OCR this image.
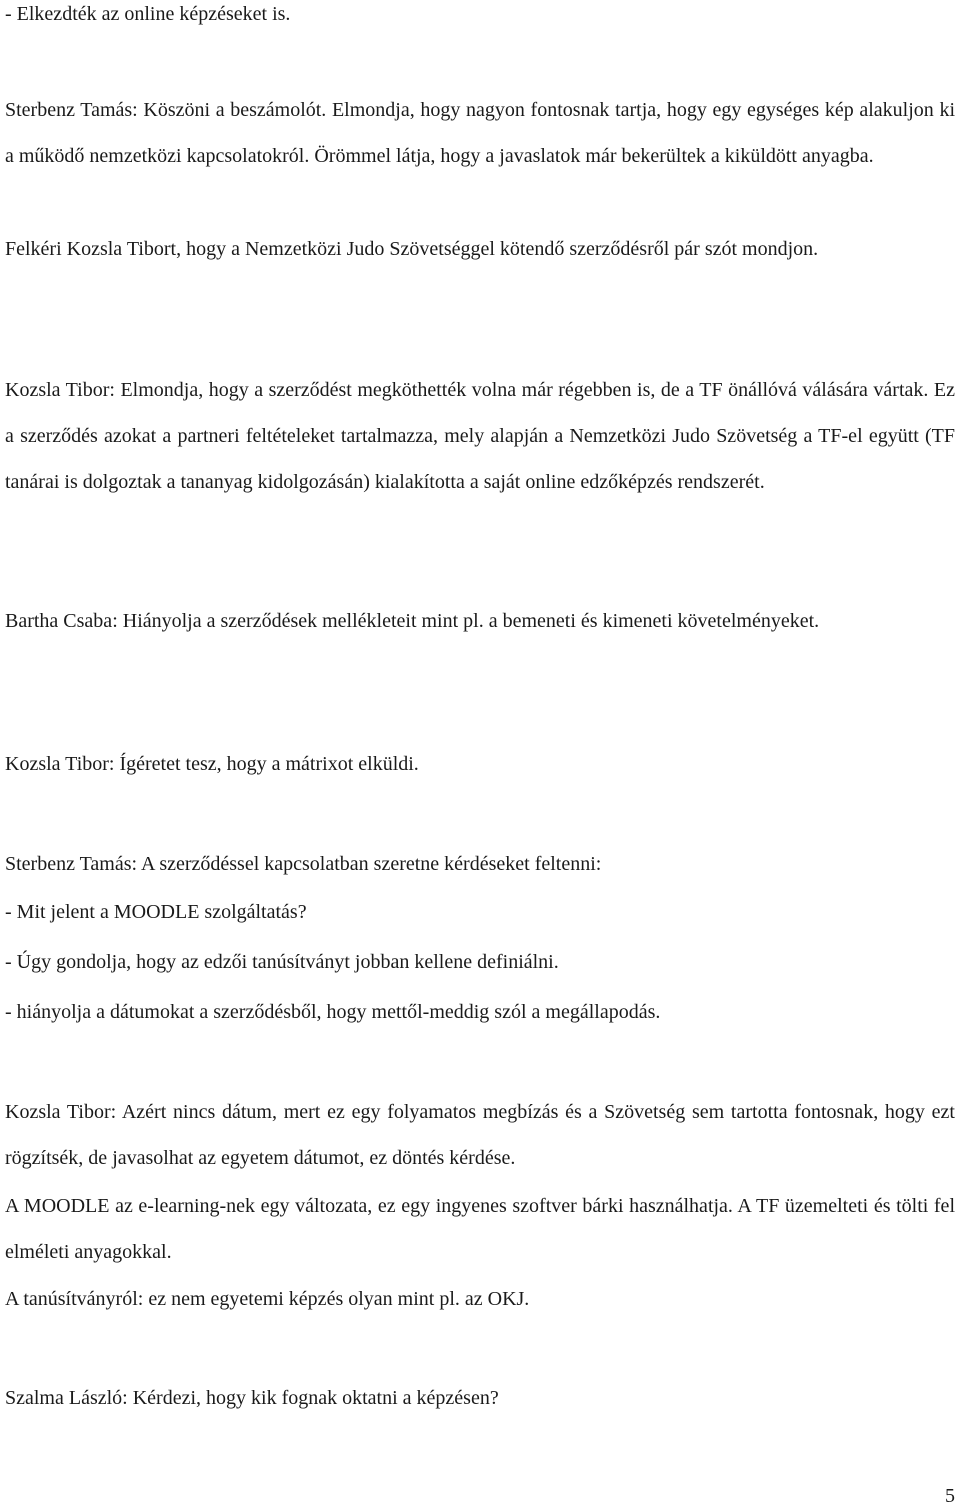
- Elkezdték az online képzéseket is.

Sterbenz Tamás: Köszöni a beszámolót. Elmondja, hogy nagyon fontosnak tartja, hogy egy egységes kép alakuljon ki a működő nemzetközi kapcsolatokról. Örömmel látja, hogy a javaslatok már bekerültek a kiküldött anyagba.

Felkéri Kozsla Tibort, hogy a Nemzetközi Judo Szövetséggel kötendő szerződésről pár szót mondjon.

Kozsla Tibor: Elmondja, hogy a szerződést megköthették volna már régebben is, de a TF önállóvá válására vártak. Ez a szerződés azokat a partneri feltételeket tartalmazza, mely alapján a Nemzetközi Judo Szövetség a TF-el együtt (TF tanárai is dolgoztak a tananyag kidolgozásán) kialakította a saját online edzőképzés rendszerét.

Bartha Csaba: Hiányolja a szerződések mellékleteit mint pl. a bemeneti és kimeneti követelményeket.

Kozsla Tibor: Ígéretet tesz, hogy a mátrixot elküldi.

Sterbenz Tamás: A szerződéssel kapcsolatban szeretne kérdéseket feltenni:

- Mit jelent a MOODLE szolgáltatás?

- Úgy gondolja, hogy az edzői tanúsítványt jobban kellene definiálni.

- hiányolja a dátumokat a szerződésből, hogy mettől-meddig szól a megállapodás.

Kozsla Tibor: Azért nincs dátum, mert ez egy folyamatos megbízás és a Szövetség sem tartotta fontosnak, hogy ezt rögzítsék, de javasolhat az egyetem dátumot, ez döntés kérdése.

A MOODLE az e-learning-nek egy változata, ez egy ingyenes szoftver bárki használhatja. A TF üzemelteti és tölti fel elméleti anyagokkal.

A tanúsítványról: ez nem egyetemi képzés olyan mint pl. az OKJ.

Szalma László: Kérdezi, hogy kik fognak oktatni a képzésen?

5
